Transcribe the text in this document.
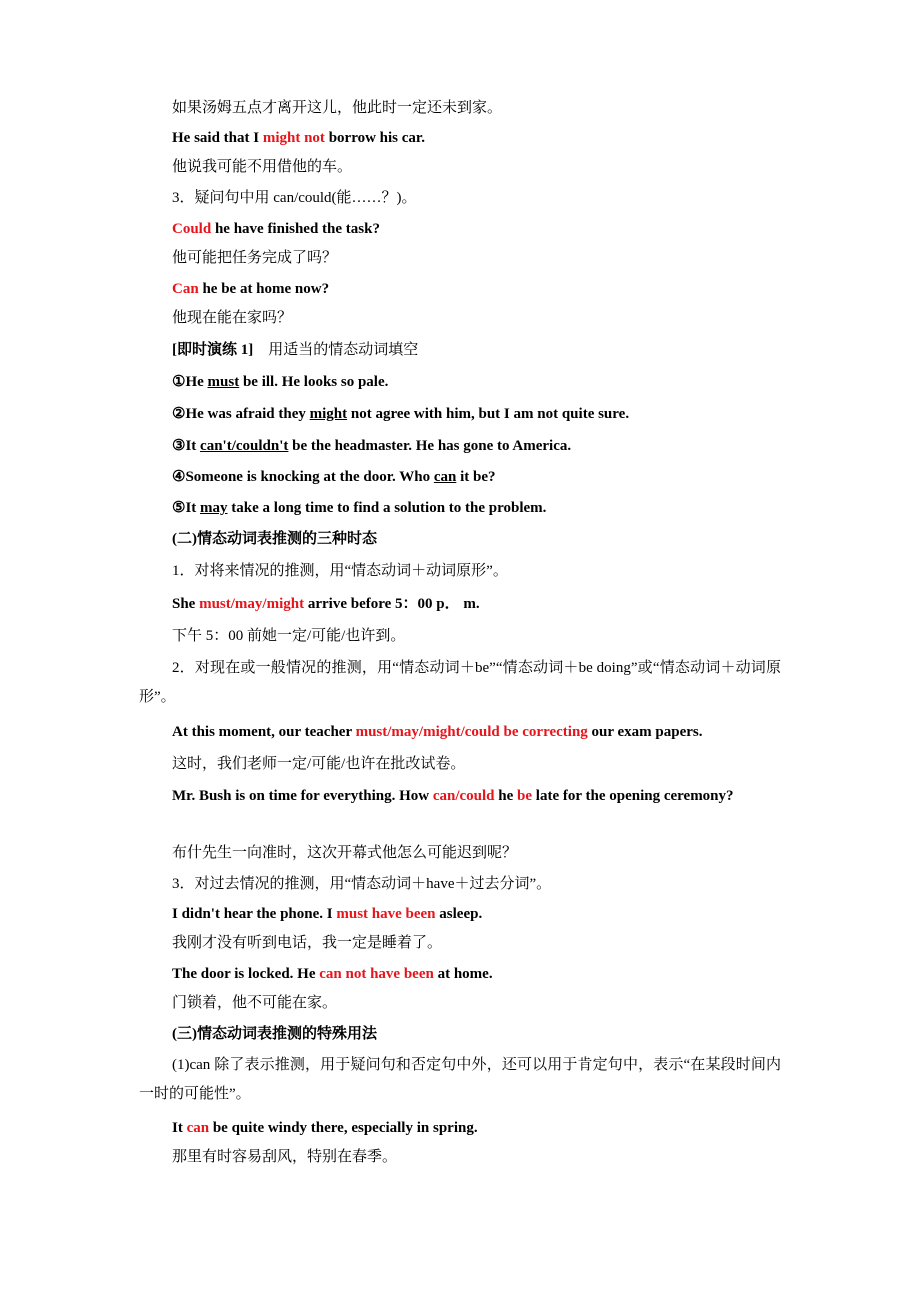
如果汤姆五点才离开这儿，他此时一定还未到家。
He said that I might not borrow his car.
他说我可能不用借他的车。
3．疑问句中用 can/could(能……？)。
Could he have finished the task?
他可能把任务完成了吗？
Can he be at home now?
他现在能在家吗？
[即时演练 1]　用适当的情态动词填空
①He must be ill. He looks so pale.
②He was afraid they might not agree with him, but I am not quite sure.
③It can't/couldn't be the headmaster. He has gone to America.
④Someone is knocking at the door. Who can it be?
⑤It may take a long time to find a solution to the problem.
(二)情态动词表推测的三种时态
1．对将来情况的推测，用“情态动词＋动词原形”。
She must/may/might arrive before 5：00 p． m.
下午 5：00 前她一定/可能/也许到。
2．对现在或一般情况的推测，用“情态动词＋be”“情态动词＋be doing”或“情态动词＋动词原形”。
At this moment, our teacher must/may/might/could be correcting our exam papers.
这时，我们老师一定/可能/也许在批改试卷。
Mr. Bush is on time for everything. How can/could he be late for the opening ceremony?
布什先生一向准时，这次开幕式他怎么可能迟到呢？
3．对过去情况的推测，用“情态动词＋have＋过去分词”。
I didn't hear the phone. I must have been asleep.
我刚才没有听到电话，我一定是睡着了。
The door is locked. He can not have been at home.
门锁着，他不可能在家。
(三)情态动词表推测的特殊用法
(1)can 除了表示推测，用于疑问句和否定句中外，还可以用于肯定句中，表示“在某段时间内一时的可能性”。
It can be quite windy there, especially in spring.
那里有时容易刮风，特别在春季。
